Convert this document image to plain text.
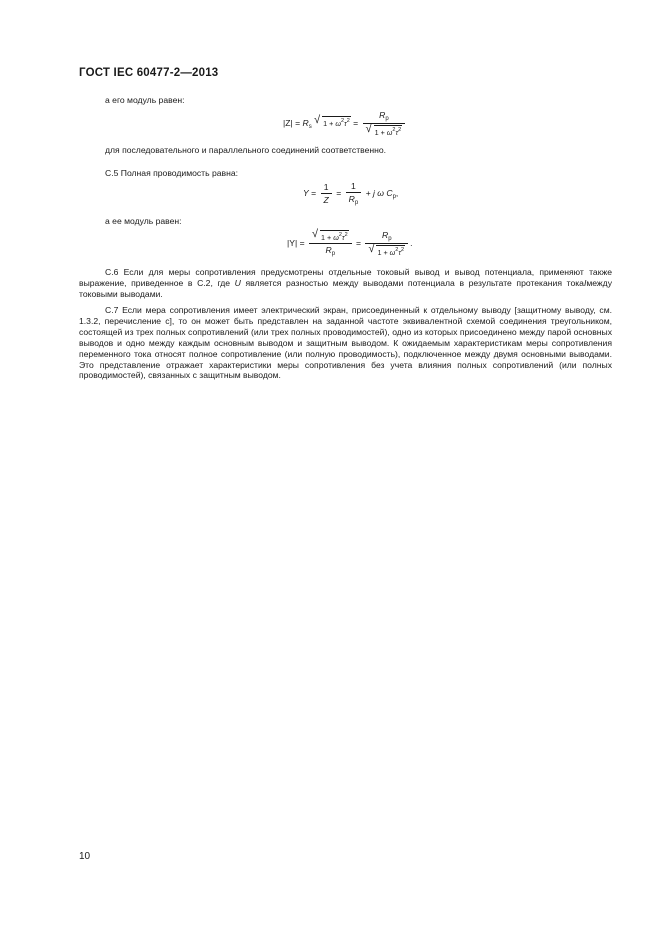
ГОСТ IEC 60477-2—2013
а его модуль равен:
$|Z| = R_s$
√ $1 + \omega^2\tau^2 = \frac{R_p}{√ 1 + \omega^2\tau^2}$
для последовательного и параллельного соединений соответственно.
С.5 Полная проводимость равна:
$Y = \frac{1}{Z} = \frac{1}{R_p} + j$ ω $C_p$,
а ее модуль равен:
$|Y| = \frac{√ 1 + \omega^2\tau^2}{R_p} = \frac{R_p}{√ 1 + \omega^2\tau^2}$ .

С.6 Если для меры сопротивления предусмотрены отдельные токовый вывод и вывод потенциала, применяют также выражение, приведенное в С.2, где U является разностью между выводами потенциала в результате протекания токаIмежду токовыми выводами.

С.7 Если мера сопротивления имеет электрический экран, присоединенный к отдельному выводу [защитному выводу, см. 1.3.2, перечисление с], то он может быть представлен на заданной частоте эквивалентной схемой соединения треугольником, состоящей из трех полных сопротивлений (или трех полных проводимостей), одно из которых присоединено между парой основных выводов и одно между каждым основным выводом и защитным выводом. К ожидаемым характеристикам меры сопротивления переменного тока относят полное сопротивление (или полную проводимость), подключенное между двумя основными выводами. Это представление отражает характеристики меры сопротивления без учета влияния полных сопротивлений (или полных проводимостей), связанных с защитным выводом.

10
